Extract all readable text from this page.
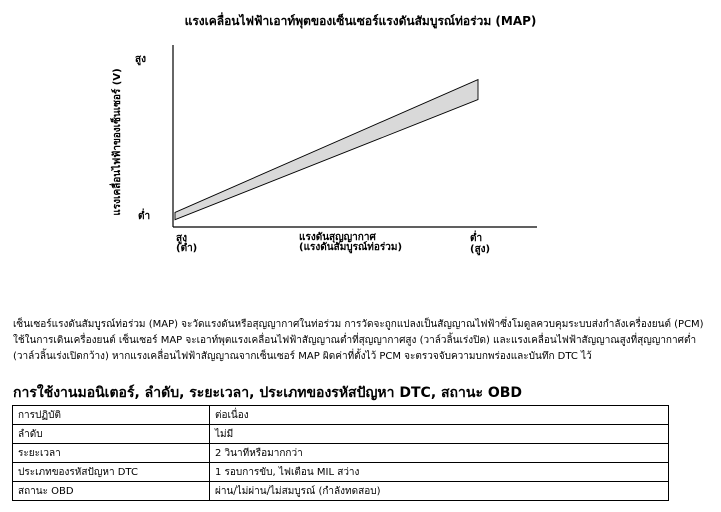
แรงเคลื่อนไฟฟ้าเอาท์พุตของเซ็นเซอร์แรงดันสัมบูรณ์ท่อร่วม (MAP)
สูง
ต่ำ
แรงเคลื่อนไฟฟ้าของเซ็นเซอร์ (V)
สูง
(ต่ำ)
ต่ำ
(สูง)
แรงดันสุญญากาศ
(แรงดันสัมบูรณ์ท่อร่วม)
เซ็นเซอร์แรงดันสัมบูรณ์ท่อร่วม (MAP) จะวัดแรงดันหรือสุญญากาศในท่อร่วม การวัดจะถูกแปลงเป็นสัญญาณไฟฟ้าซึ่งโมดูลควบคุมระบบส่งกำลังเครื่องยนต์ (PCM)
ใช้ในการเดินเครื่องยนต์ เซ็นเซอร์ MAP จะเอาท์พุตแรงเคลื่อนไฟฟ้าสัญญาณต่ำที่สุญญากาศสูง (วาล์วลิ้นเร่งปิด) และแรงเคลื่อนไฟฟ้าสัญญาณสูงที่สุญญากาศต่ำ
(วาล์วลิ้นเร่งเปิดกว้าง) หากแรงเคลื่อนไฟฟ้าสัญญาณจากเซ็นเซอร์ MAP ผิดค่าที่ตั้งไว้ PCM จะตรวจจับความบกพร่องและบันทึก DTC ไว้
การใช้งานมอนิเตอร์, ลำดับ, ระยะเวลา, ประเภทของรหัสปัญหา DTC, สถานะ OBD
การปฏิบัติ	ต่อเนื่อง
ลำดับ	ไม่มี
ระยะเวลา	2 วินาทีหรือมากกว่า
ประเภทของรหัสปัญหา DTC	1 รอบการขับ, ไฟเตือน MIL สว่าง
สถานะ OBD	ผ่าน/ไม่ผ่าน/ไม่สมบูรณ์ (กำลังทดสอบ)
